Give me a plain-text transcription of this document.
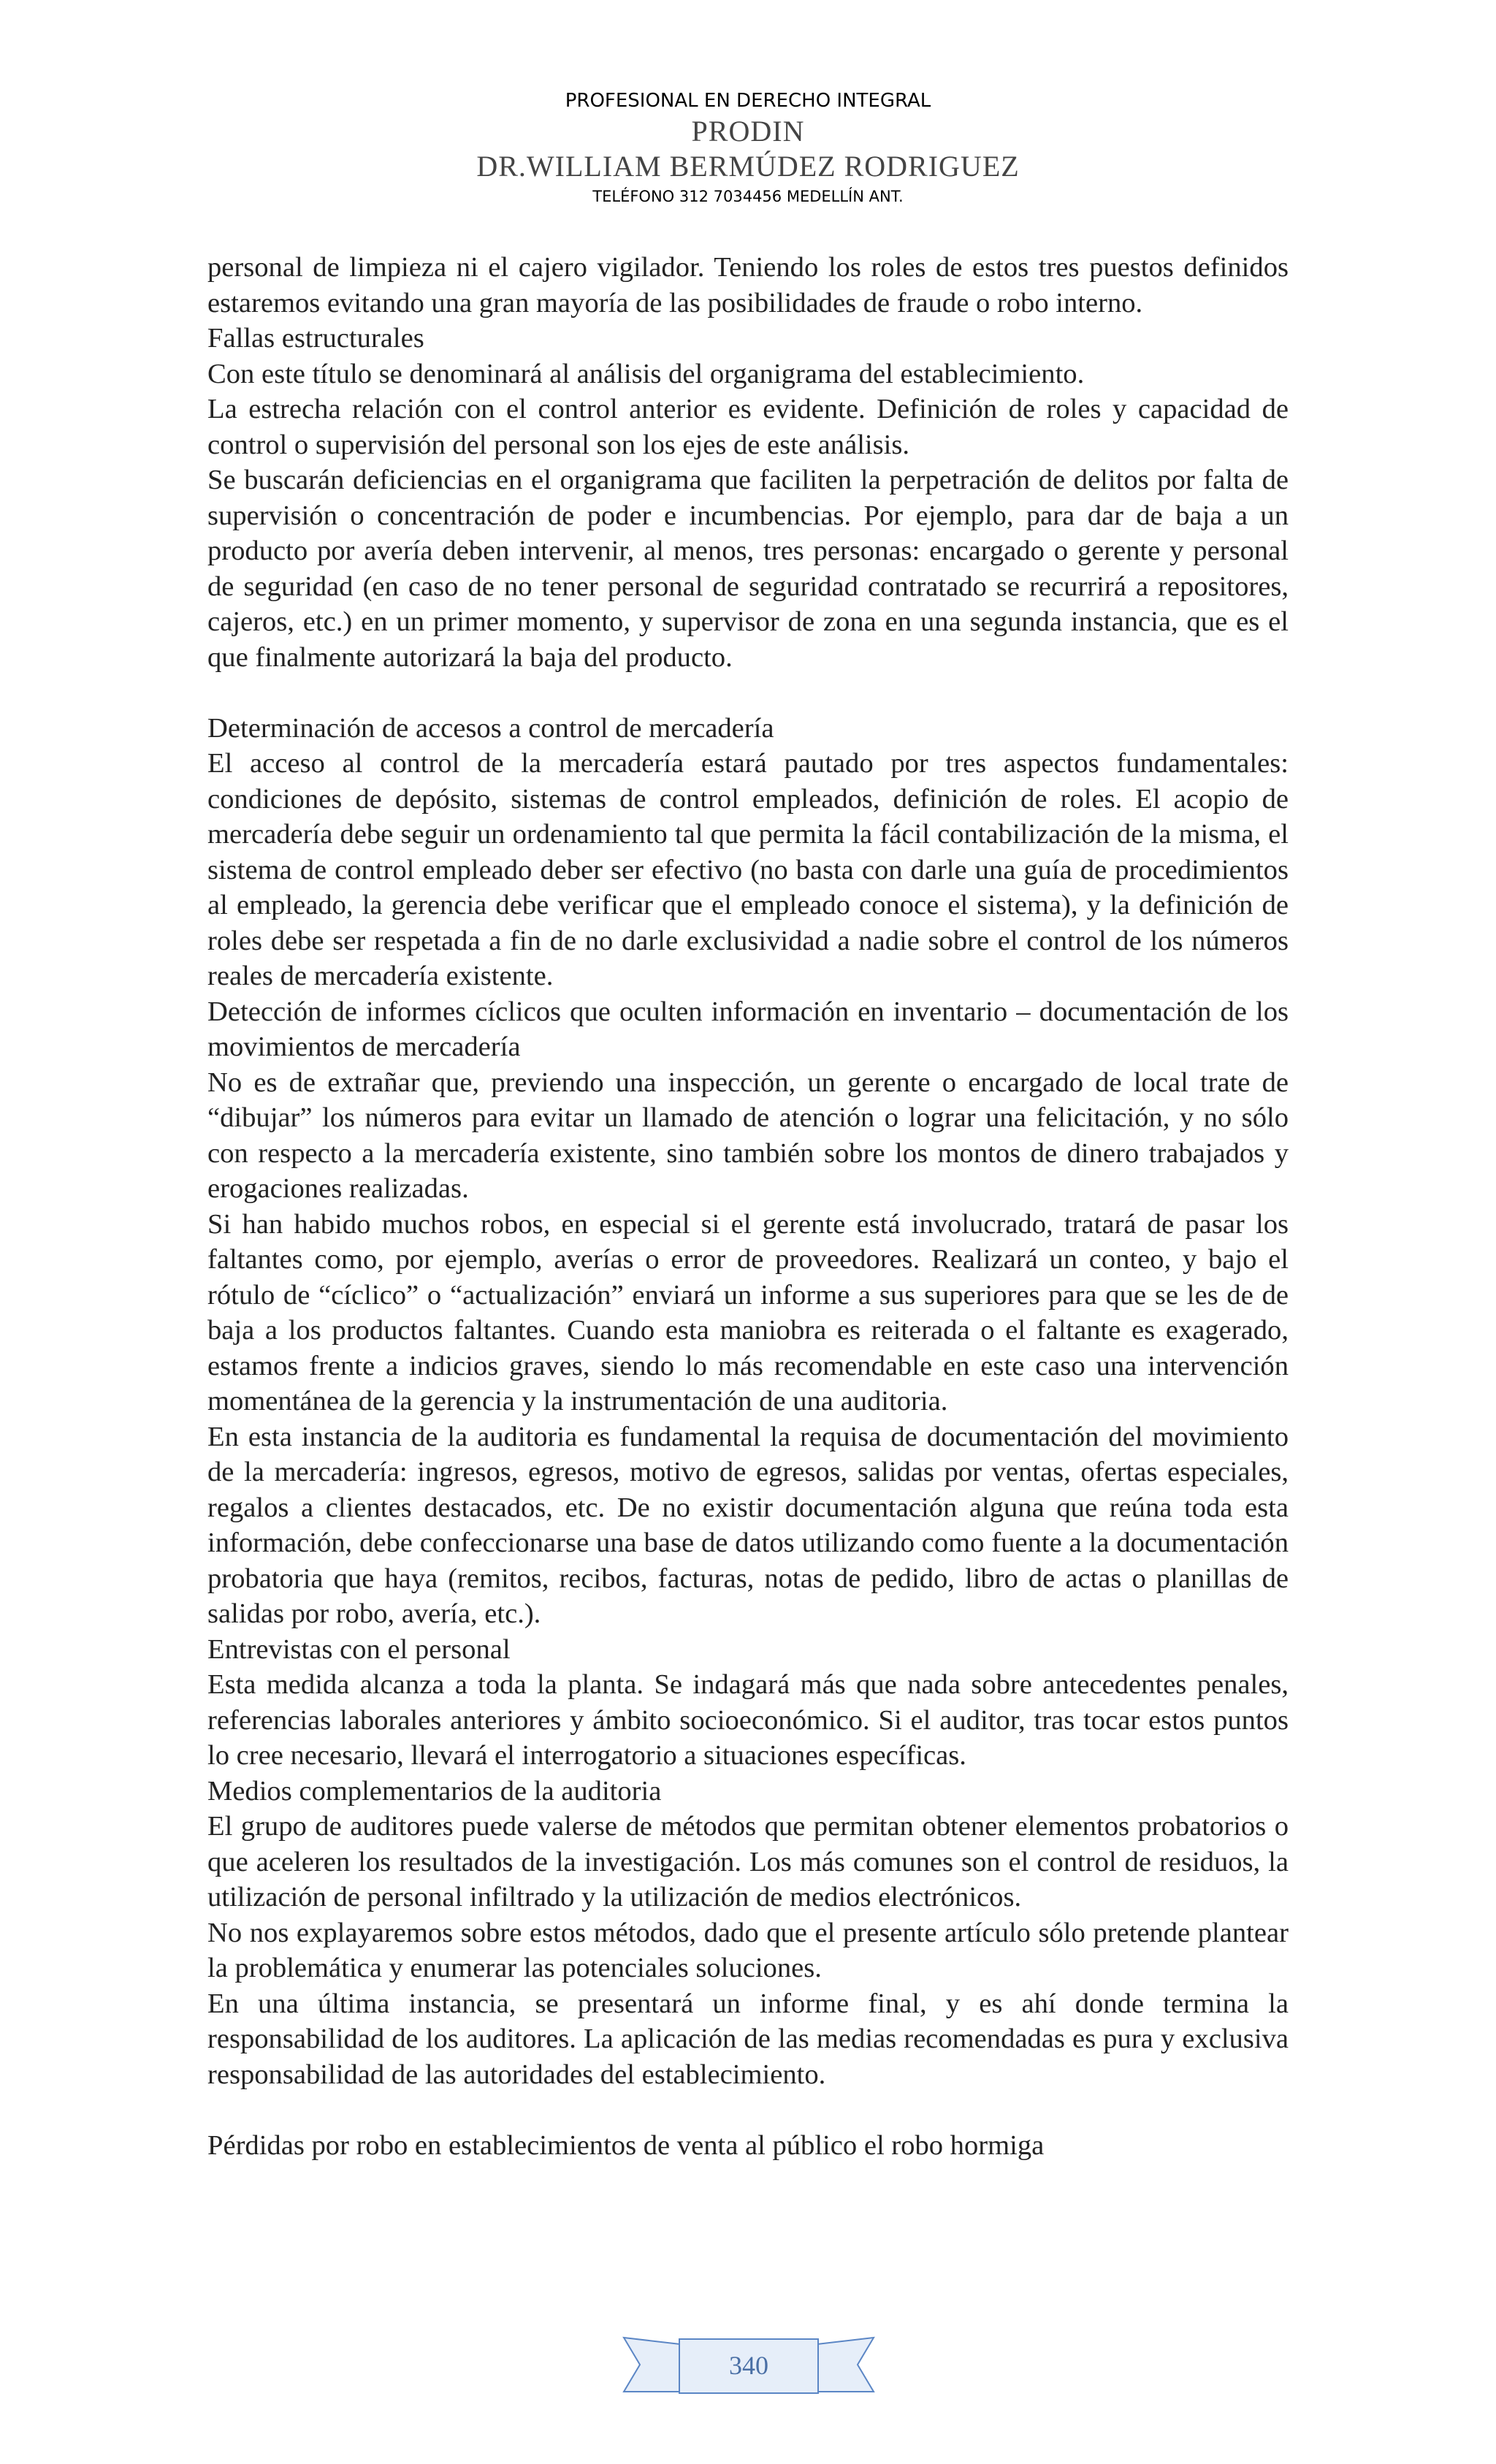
PROFESIONAL EN DERECHO INTEGRAL
PRODIN
DR.WILLIAM BERMÚDEZ RODRIGUEZ
TELÉFONO 312 7034456 MEDELLÍN ANT.

personal de limpieza ni el cajero vigilador. Teniendo los roles de estos tres puestos definidos estaremos evitando una gran mayoría de las posibilidades de fraude o robo interno.

Fallas estructurales

Con este título se denominará al análisis del organigrama del establecimiento.

La estrecha relación con el control anterior es evidente. Definición de roles y capacidad de control o supervisión del personal son los ejes de este análisis.

Se buscarán deficiencias en el organigrama que faciliten la perpetración de delitos por falta de supervisión o concentración de poder e incumbencias. Por ejemplo, para dar de baja a un producto por avería deben intervenir, al menos, tres personas: encargado o gerente y personal de seguridad (en caso de no tener personal de seguridad contratado se recurrirá a repositores, cajeros, etc.) en un primer momento, y supervisor de zona en una segunda instancia, que es el que finalmente autorizará la baja del producto.

Determinación de accesos a control de mercadería

El acceso al control de la mercadería estará pautado por tres aspectos fundamentales: condiciones de depósito, sistemas de control empleados, definición de roles. El acopio de mercadería debe seguir un ordenamiento tal que permita la fácil contabilización de la misma, el sistema de control empleado deber ser efectivo (no basta con darle una guía de procedimientos al empleado, la gerencia debe verificar que el empleado conoce el sistema), y la definición de roles debe ser respetada a fin de no darle exclusividad a nadie sobre el control de los números reales de mercadería existente.

Detección de informes cíclicos que oculten información en inventario – documentación de los movimientos de mercadería

No es de extrañar que, previendo una inspección, un gerente o encargado de local trate de “dibujar” los números para evitar un llamado de atención o lograr una felicitación, y no sólo con respecto a la mercadería existente, sino también sobre los montos de dinero trabajados y erogaciones realizadas.

Si han habido muchos robos, en especial si el gerente está involucrado, tratará de pasar los faltantes como, por ejemplo, averías o error de proveedores. Realizará un conteo, y bajo el rótulo de “cíclico” o “actualización” enviará un informe a sus superiores para que se les de de baja a los productos faltantes. Cuando esta maniobra es reiterada o el faltante es exagerado, estamos frente a indicios graves, siendo lo más recomendable en este caso una intervención momentánea de la gerencia y la instrumentación de una auditoria.

En esta instancia de la auditoria es fundamental la requisa de documentación del movimiento de la mercadería: ingresos, egresos, motivo de egresos, salidas por ventas, ofertas especiales, regalos a clientes destacados, etc. De no existir documentación alguna que reúna toda esta información, debe confeccionarse una base de datos utilizando como fuente a la documentación probatoria que haya (remitos, recibos, facturas, notas de pedido, libro de actas o planillas de salidas por robo, avería, etc.).

Entrevistas con el personal

Esta medida alcanza a toda la planta. Se indagará más que nada sobre antecedentes penales, referencias laborales anteriores y ámbito socioeconómico. Si el auditor, tras tocar estos puntos lo cree necesario, llevará el interrogatorio a situaciones específicas.

Medios complementarios de la auditoria

El grupo de auditores puede valerse de métodos que permitan obtener elementos probatorios o que aceleren los resultados de la investigación. Los más comunes son el control de residuos, la utilización de personal infiltrado y la utilización de medios electrónicos.

No nos explayaremos sobre estos métodos, dado que el presente artículo sólo pretende plantear la problemática y enumerar las potenciales soluciones.

En una última instancia, se presentará un informe final, y es ahí donde termina la responsabilidad de los auditores. La aplicación de las medias recomendadas es pura y exclusiva responsabilidad de las autoridades del establecimiento.

Pérdidas por robo en establecimientos de venta al público el robo hormiga

340
